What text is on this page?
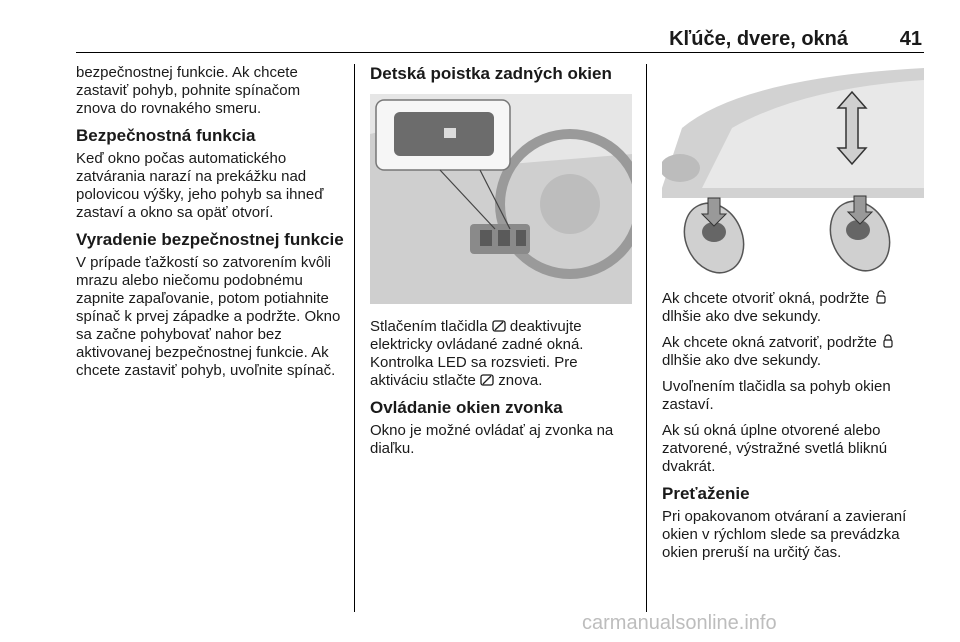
Kľúče, dvere, okná	41

bezpečnostnej funkcie. Ak chcete zastaviť pohyb, pohnite spínačom znova do rovnakého smeru.

Bezpečnostná funkcia

Keď okno počas automatického zatvárania narazí na prekážku nad polovicou výšky, jeho pohyb sa ihneď zastaví a okno sa opäť otvorí.

Vyradenie bezpečnostnej funkcie

V prípade ťažkostí so zatvorením kvôli mrazu alebo niečomu podobnému zapnite zapaľovanie, potom potiahnite spínač k prvej západke a podržte. Okno sa začne pohybovať nahor bez aktivovanej bezpečnostnej funkcie. Ak chcete zastaviť pohyb, uvoľnite spínač.

Detská poistka zadných okien

Stlačením tlačidla deaktivujte elektricky ovládané zadné okná. Kontrolka LED sa rozsvieti. Pre aktiváciu stlačte znova.

Ovládanie okien zvonka

Okno je možné ovládať aj zvonka na diaľku.

Ak chcete otvoriť okná, podržte  dlhšie ako dve sekundy.

Ak chcete okná zatvoriť, podržte  dlhšie ako dve sekundy.

Uvoľnením tlačidla sa pohyb okien zastaví.

Ak sú okná úplne otvorené alebo zatvorené, výstražné svetlá bliknú dvakrát.

Preťaženie

Pri opakovanom otváraní a zavieraní okien v rýchlom slede sa prevádzka okien preruší na určitý čas.

carmanualsonline.info
